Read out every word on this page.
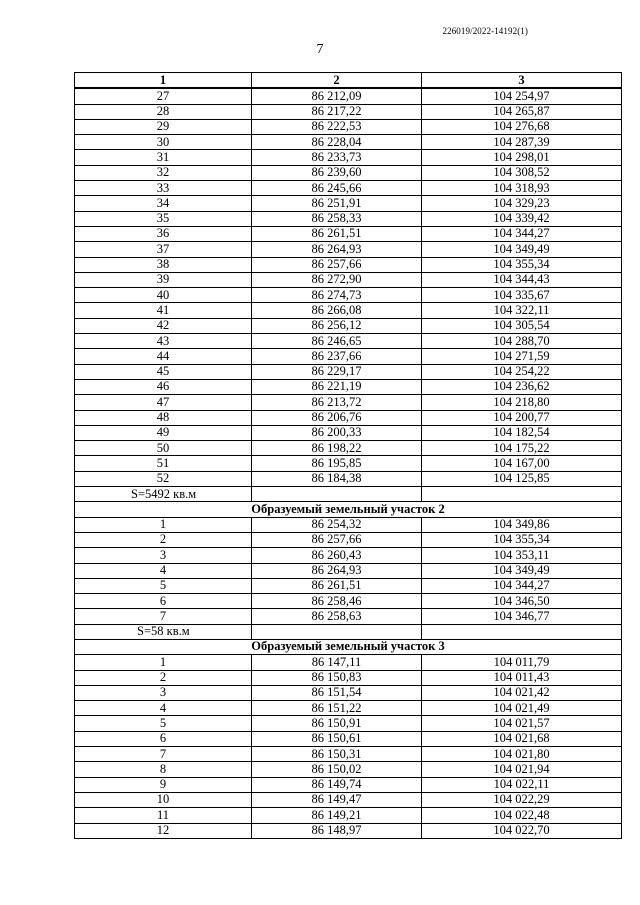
226019/2022-14192(1)
7
1	2	3
27	86 212,09	104 254,97
28	86 217,22	104 265,87
29	86 222,53	104 276,68
30	86 228,04	104 287,39
31	86 233,73	104 298,01
32	86 239,60	104 308,52
33	86 245,66	104 318,93
34	86 251,91	104 329,23
35	86 258,33	104 339,42
36	86 261,51	104 344,27
37	86 264,93	104 349,49
38	86 257,66	104 355,34
39	86 272,90	104 344,43
40	86 274,73	104 335,67
41	86 266,08	104 322,11
42	86 256,12	104 305,54
43	86 246,65	104 288,70
44	86 237,66	104 271,59
45	86 229,17	104 254,22
46	86 221,19	104 236,62
47	86 213,72	104 218,80
48	86 206,76	104 200,77
49	86 200,33	104 182,54
50	86 198,22	104 175,22
51	86 195,85	104 167,00
52	86 184,38	104 125,85
S=5492 кв.м		
Образуемый земельный участок 2		
1	86 254,32	104 349,86
2	86 257,66	104 355,34
3	86 260,43	104 353,11
4	86 264,93	104 349,49
5	86 261,51	104 344,27
6	86 258,46	104 346,50
7	86 258,63	104 346,77
S=58 кв.м		
Образуемый земельный участок 3		
1	86 147,11	104 011,79
2	86 150,83	104 011,43
3	86 151,54	104 021,42
4	86 151,22	104 021,49
5	86 150,91	104 021,57
6	86 150,61	104 021,68
7	86 150,31	104 021,80
8	86 150,02	104 021,94
9	86 149,74	104 022,11
10	86 149,47	104 022,29
11	86 149,21	104 022,48
12	86 148,97	104 022,70
